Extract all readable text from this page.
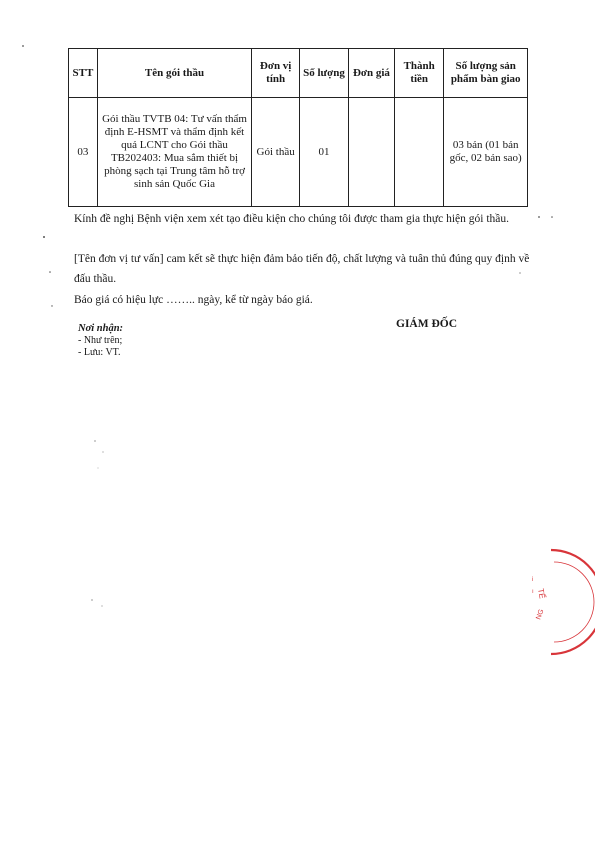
STT	Tên gói thầu	Đơn vị tính	Số lượng	Đơn giá	Thành tiền	Số lượng sản phẩm bàn giao
03	Gói thầu TVTB 04: Tư vấn thẩm định E-HSMT và thẩm định kết quả LCNT cho Gói thầu TB202403: Mua sắm thiết bị phòng sạch tại Trung tâm hỗ trợ sinh sản Quốc Gia	Gói thầu	01			03 bản (01 bản gốc, 02 bản sao)

Kính đề nghị Bệnh viện xem xét tạo điều kiện cho chúng tôi được tham gia thực hiện gói thầu.

[Tên đơn vị tư vấn] cam kết sẽ thực hiện đảm bảo tiến độ, chất lượng và tuân thủ đúng quy định về đấu thầu.

Báo giá có hiệu lực …….. ngày, kể từ ngày báo giá.

Nơi nhận:
- Như trên;
- Lưu: VT.
GIÁM ĐỐC
TẾ
NG
i
ı
